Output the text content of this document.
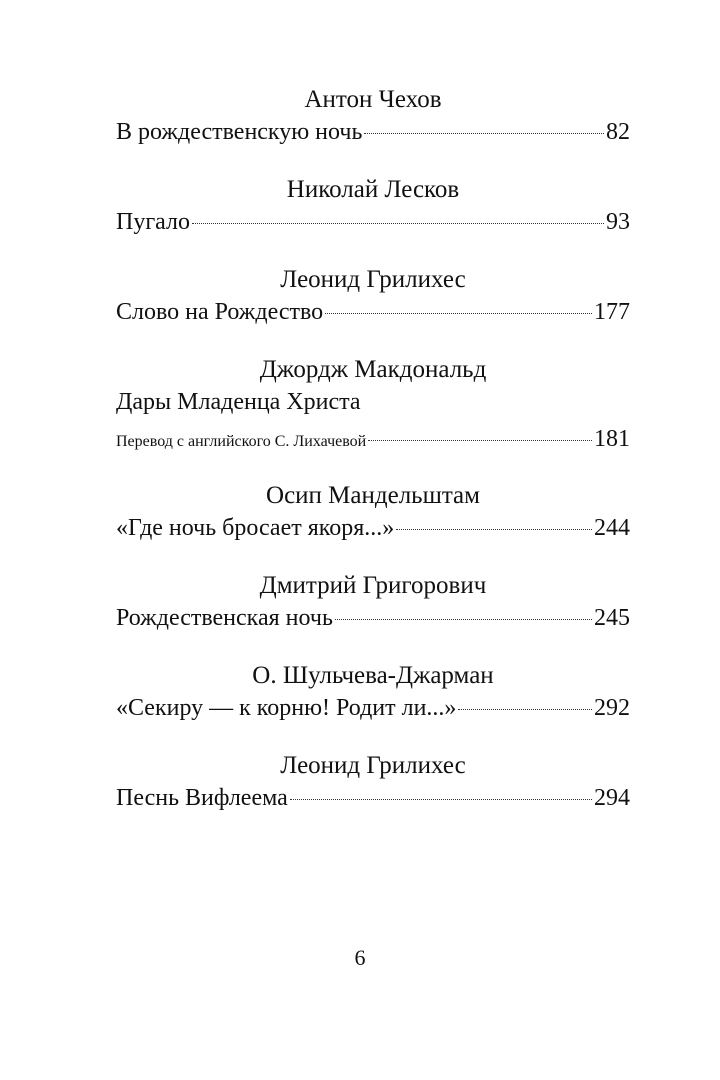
Антон Чехов
В рождественскую ночь	82
Николай Лесков
Пугало	93
Леонид Грилихес
Слово на Рождество	177
Джордж Макдональд
Дары Младенца Христа
Перевод с английского С. Лихачевой	181
Осип Мандельштам
«Где ночь бросает якоря...»	244
Дмитрий Григорович
Рождественская ночь	245
О. Шульчева-Джарман
«Секиру — к корню! Родит ли...»	292
Леонид Грилихес
Песнь Вифлеема	294
6
